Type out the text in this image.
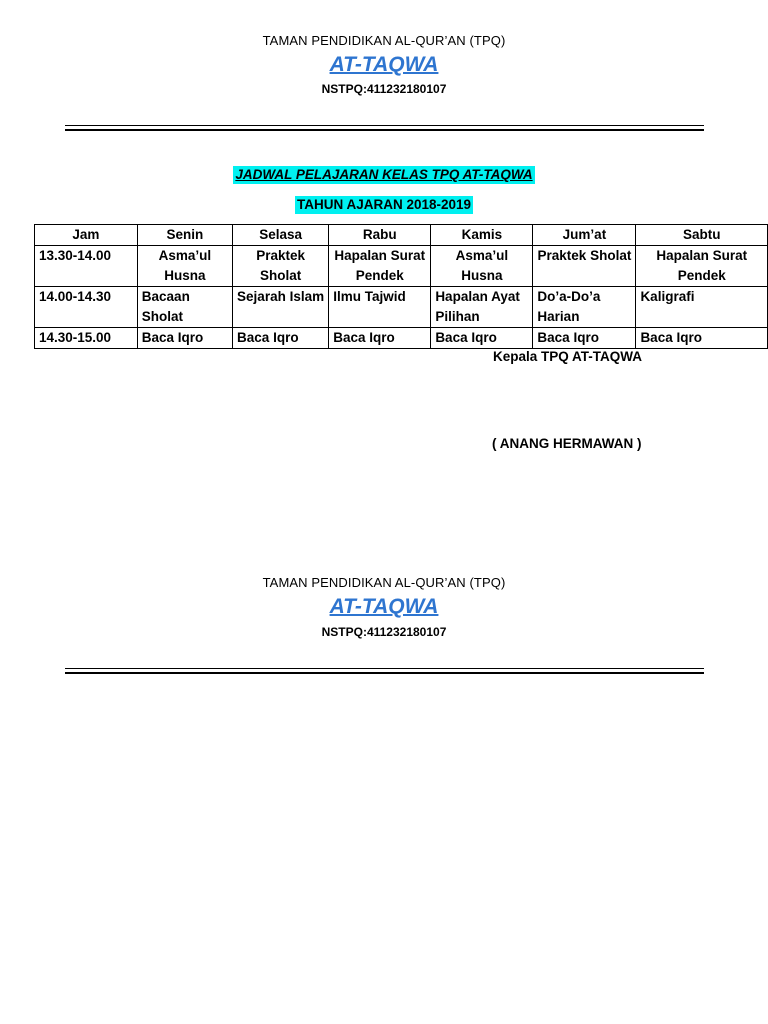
TAMAN PENDIDIKAN AL-QUR’AN (TPQ)
AT-TAQWA
NSTPQ:411232180107
JADWAL PELAJARAN KELAS TPQ AT-TAQWA
TAHUN AJARAN 2018-2019
Jam	Senin	Selasa	Rabu	Kamis	Jum’at	Sabtu
13.30-14.00	Asma’ul Husna	Praktek Sholat	Hapalan Surat Pendek	Asma’ul Husna	Praktek Sholat	Hapalan Surat Pendek
14.00-14.30	Bacaan Sholat	Sejarah Islam	Ilmu Tajwid	Hapalan Ayat Pilihan	Do’a-Do’a Harian	Kaligrafi
14.30-15.00	Baca Iqro	Baca Iqro	Baca Iqro	Baca Iqro	Baca Iqro	Baca Iqro
Kepala TPQ AT-TAQWA
( ANANG HERMAWAN )
TAMAN PENDIDIKAN AL-QUR’AN (TPQ)
AT-TAQWA
NSTPQ:411232180107
